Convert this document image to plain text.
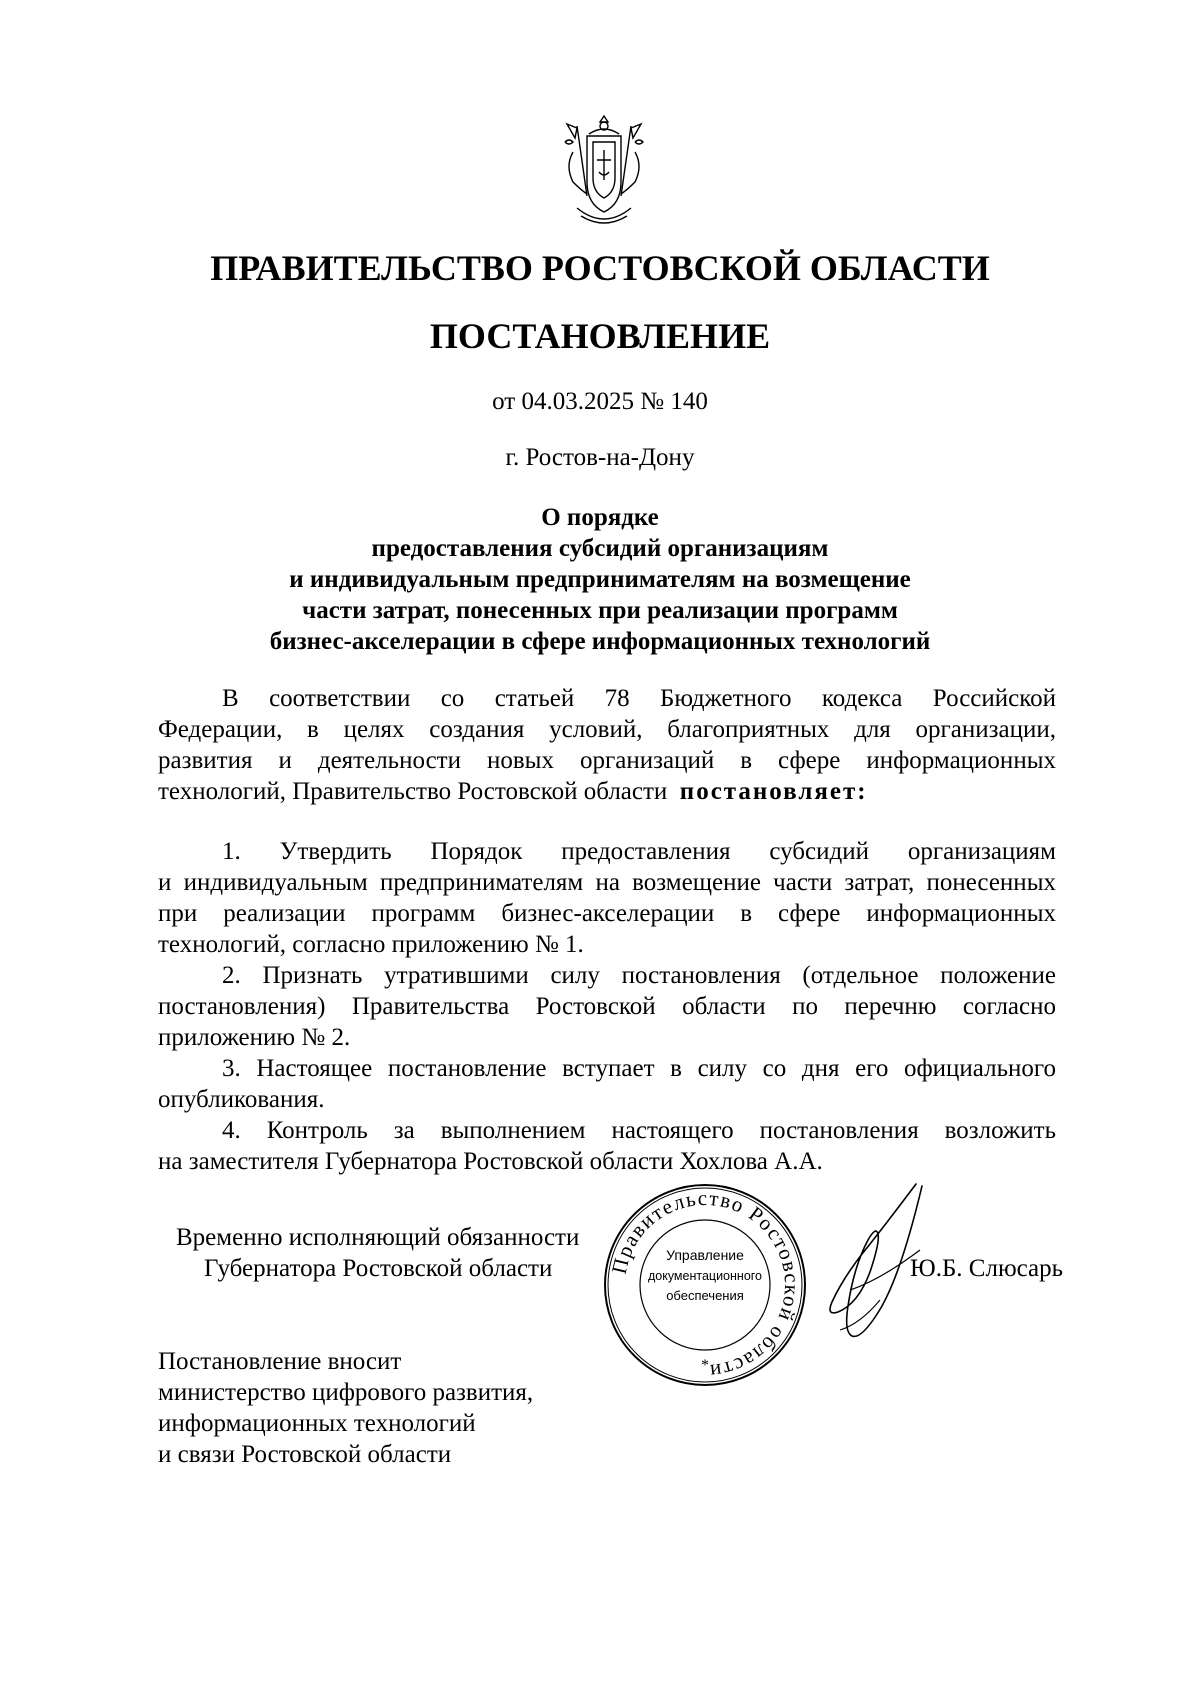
ПРАВИТЕЛЬСТВО РОСТОВСКОЙ ОБЛАСТИ
ПОСТАНОВЛЕНИЕ
от 04.03.2025 № 140
г. Ростов-на-Дону
О порядке
предоставления субсидий организациям
и индивидуальным предпринимателям на возмещение
части затрат, понесенных при реализации программ
бизнес-акселерации в сфере информационных технологий
В соответствии со статьей 78 Бюджетного кодекса Российской
Федерации, в целях создания условий, благоприятных для организации,
развития и деятельности новых организаций в сфере информационных
технологий, Правительство Ростовской области постановляет:
1. Утвердить Порядок предоставления субсидий организациям
и индивидуальным предпринимателям на возмещение части затрат, понесенных
при реализации программ бизнес-акселерации в сфере информационных
технологий, согласно приложению № 1.
2. Признать утратившими силу постановления (отдельное положение
постановления) Правительства Ростовской области по перечню согласно
приложению № 2.
3. Настоящее постановление вступает в силу со дня его официального
опубликования.
4. Контроль за выполнением настоящего постановления возложить
на заместителя Губернатора Ростовской области Хохлова А.А.
Временно исполняющий обязанности
Губернатора Ростовской области	Ю.Б. Слюсарь
Правительство Ростовской области
Управление
документационного
обеспечения
*
Постановление вносит
министерство цифрового развития,
информационных технологий
и связи Ростовской области
